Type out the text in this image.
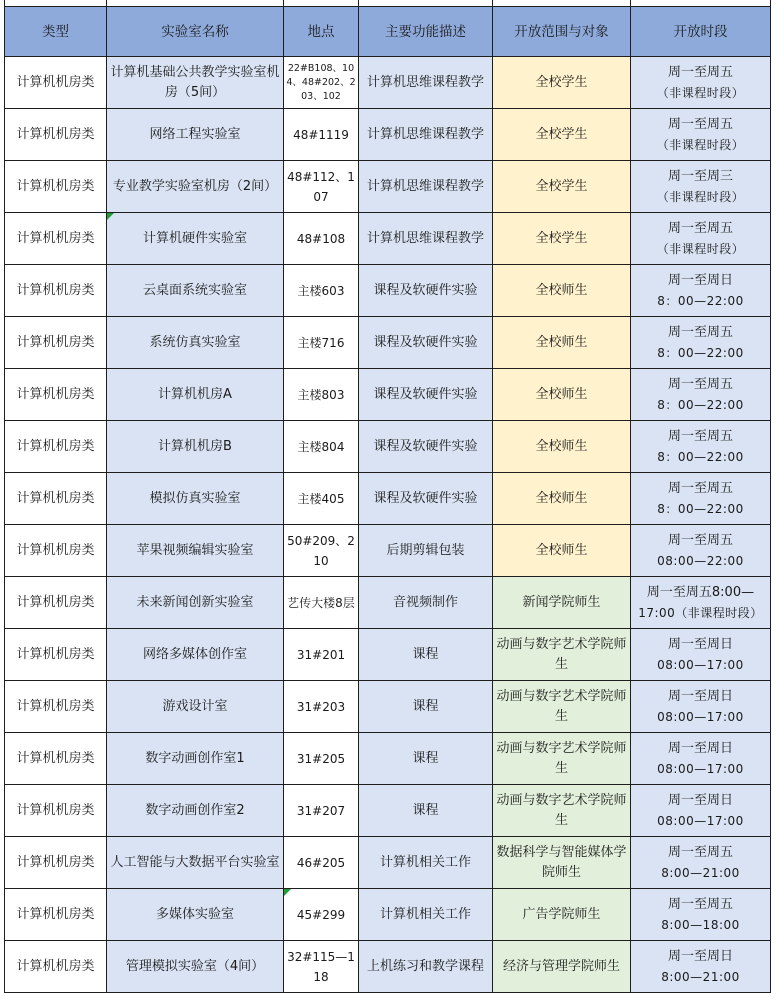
类型	实验室名称	地点	主要功能描述	开放范围与对象	开放时段
计算机机房类	计算机基础公共教学实验室机房（5间）	22#B108、104、48#202、203、102	计算机思维课程教学	全校学生	周一至周五
（非课程时段）

计算机机房类	网络工程实验室	48#1119	计算机思维课程教学	全校学生	周一至周五
（非课程时段）

计算机机房类	专业教学实验室机房（2间）	48#112、107	计算机思维课程教学	全校学生	周一至周三
（非课程时段）

计算机机房类	计算机硬件实验室	48#108	计算机思维课程教学	全校学生	周一至周五
（非课程时段）

计算机机房类	云桌面系统实验室	主楼603	课程及软硬件实验	全校师生	周一至周日
8：00—22:00

计算机机房类	系统仿真实验室	主楼716	课程及软硬件实验	全校师生	周一至周五
8：00—22:00

计算机机房类	计算机机房A	主楼803	课程及软硬件实验	全校师生	周一至周五
8：00—22:00

计算机机房类	计算机机房B	主楼804	课程及软硬件实验	全校师生	周一至周五
8：00—22:00

计算机机房类	模拟仿真实验室	主楼405	课程及软硬件实验	全校师生	周一至周五
8：00—22:00

计算机机房类	苹果视频编辑实验室	50#209、210	后期剪辑包装	全校师生	周一至周五
08:00—22:00

计算机机房类	未来新闻创新实验室	艺传大楼8层	音视频制作	新闻学院师生	周一至周五8:00—
17:00（非课程时段）

计算机机房类	网络多媒体创作室	31#201	课程	动画与数字艺术学院师生	周一至周日
08:00—17:00

计算机机房类	游戏设计室	31#203	课程	动画与数字艺术学院师生	周一至周日
08:00—17:00

计算机机房类	数字动画创作室1	31#205	课程	动画与数字艺术学院师生	周一至周日
08:00—17:00

计算机机房类	数字动画创作室2	31#207	课程	动画与数字艺术学院师生	周一至周日
08:00—17:00

计算机机房类	人工智能与大数据平台实验室	46#205	计算机相关工作	数据科学与智能媒体学院师生	周一至周五
8:00—21:00

计算机机房类	多媒体实验室	45#299	计算机相关工作	广告学院师生	周一至周五
8:00—18:00

计算机机房类	管理模拟实验室（4间）	32#115—118	上机练习和教学课程	经济与管理学院师生	周一至周日
8:00—21:00
